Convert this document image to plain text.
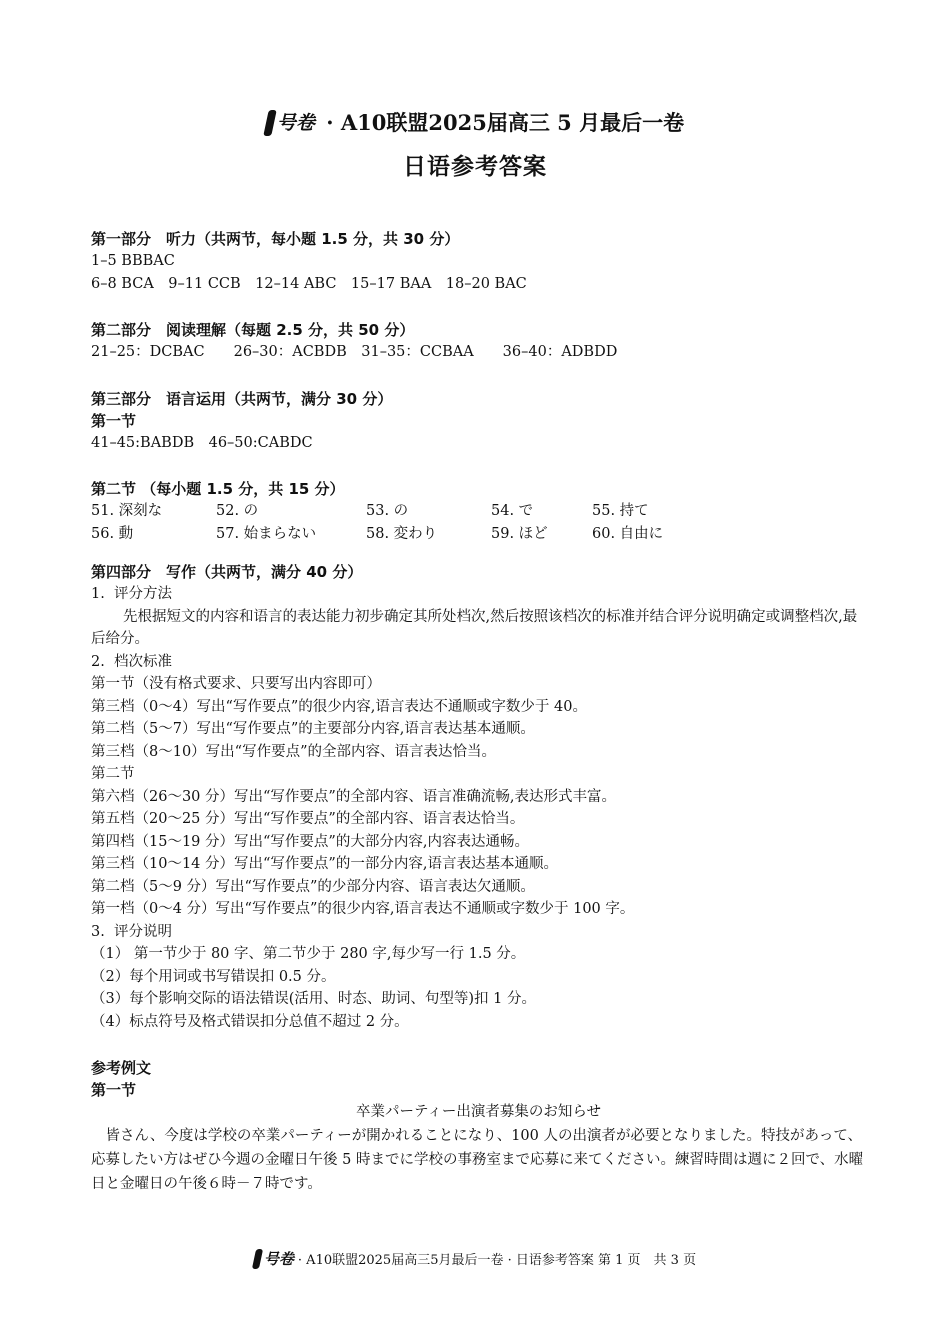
号卷 · A10联盟2025届高三 5 月最后一卷
日语参考答案
第一部分　听力（共两节，每小题 1.5 分，共 30 分）
1–5 BBBAC
6–8 BCA　9–11 CCB　12–14 ABC　15–17 BAA　18–20 BAC
第二部分　阅读理解（每题 2.5 分，共 50 分）
21–25：DCBAC　　26–30：ACBDB　31–35：CCBAA　　36–40：ADBDD
第三部分　语言运用（共两节，满分 30 分）
第一节
41–45:BABDB　46–50:CABDC
第二节 （每小题 1.5 分，共 15 分）
51. 深刻な	52. の	53. の	54. で	55. 持て
56. 動	57. 始まらない	58. 変わり	59. ほど	60. 自由に
第四部分　写作（共两节，满分 40 分）
1.  评分方法
先根据短文的内容和语言的表达能力初步确定其所处档次,然后按照该档次的标准并结合评分说明确定或调整档次,最后给分。
2.  档次标准
第一节（没有格式要求、只要写出内容即可）
第三档（0～4）写出“写作要点”的很少内容,语言表达不通顺或字数少于 40。
第二档（5～7）写出“写作要点”的主要部分内容,语言表达基本通顺。
第三档（8～10）写出“写作要点”的全部内容、语言表达恰当。
第二节
第六档（26～30 分）写出“写作要点”的全部内容、语言准确流畅,表达形式丰富。
第五档（20～25 分）写出“写作要点”的全部内容、语言表达恰当。
第四档（15～19 分）写出“写作要点”的大部分内容,内容表达通畅。
第三档（10～14 分）写出“写作要点”的一部分内容,语言表达基本通顺。
第二档（5～9 分）写出“写作要点”的少部分内容、语言表达欠通顺。
第一档（0～4 分）写出“写作要点”的很少内容,语言表达不通顺或字数少于 100 字。
3.  评分说明
（1） 第一节少于 80 字、第二节少于 280 字,每少写一行 1.5 分。
（2）每个用词或书写错误扣 0.5 分。
（3）每个影响交际的语法错误(活用、时态、助词、句型等)扣 1 分。
（4）标点符号及格式错误扣分总值不超过 2 分。
参考例文
第一节
卒業パーティー出演者募集のお知らせ
　皆さん、今度は学校の卒業パーティーが開かれることになり、100 人の出演者が必要となりました。特技があって、応募したい方はぜひ今週の金曜日午後 5 時までに学校の事務室まで応募に来てください。練習時間は週に２回で、水曜日と金曜日の午後６時－７時です。
号卷 · A10联盟2025届高三5月最后一卷 · 日语参考答案 第 1 页　共 3 页
